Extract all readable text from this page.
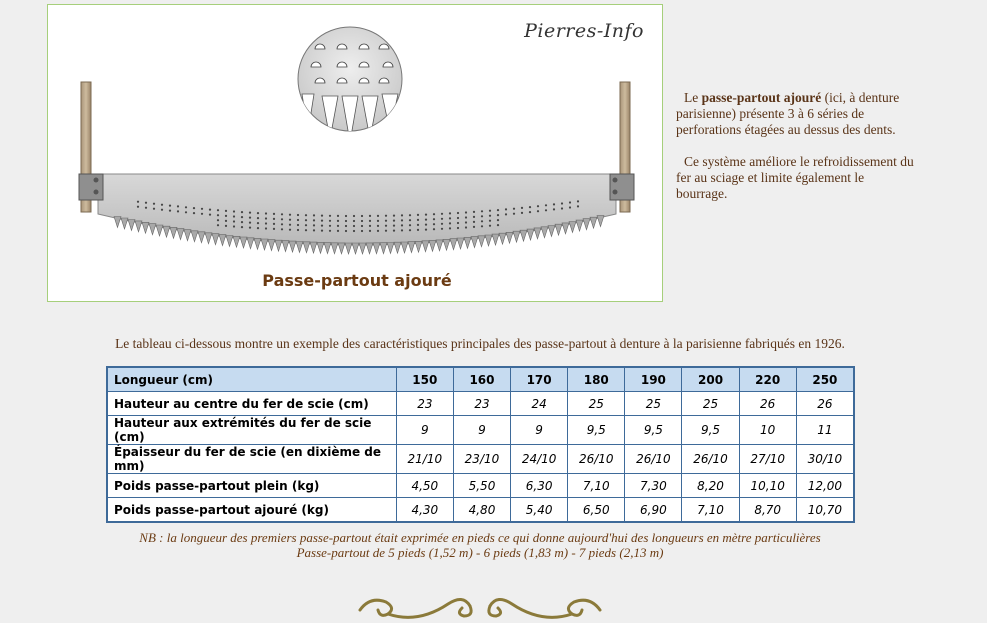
Pierres-Info
Passe-partout ajouré

Le passe-partout ajouré (ici, à denture parisienne) présente 3 à 6 séries de perforations étagées au dessus des dents.

Ce système améliore le refroidissement du fer au sciage et limite également le bourrage.

Le tableau ci-dessous montre un exemple des caractéristiques principales des passe-partout à denture à la parisienne fabriqués en 1926.
Longueur (cm)	150	160	170	180	190	200	220	250
Hauteur au centre du fer de scie (cm)	23	23	24	25	25	25	26	26
Hauteur aux extrémités du fer de scie (cm)	9	9	9	9,5	9,5	9,5	10	11
Épaisseur du fer de scie (en dixième de mm)	21/10	23/10	24/10	26/10	26/10	26/10	27/10	30/10
Poids passe-partout plein (kg)	4,50	5,50	6,30	7,10	7,30	8,20	10,10	12,00
Poids passe-partout ajouré (kg)	4,30	4,80	5,40	6,50	6,90	7,10	8,70	10,70
NB : la longueur des premiers passe-partout était exprimée en pieds ce qui donne aujourd'hui des longueurs en mètre particulières
Passe-partout de 5 pieds (1,52 m) - 6 pieds (1,83 m) - 7 pieds (2,13 m)
